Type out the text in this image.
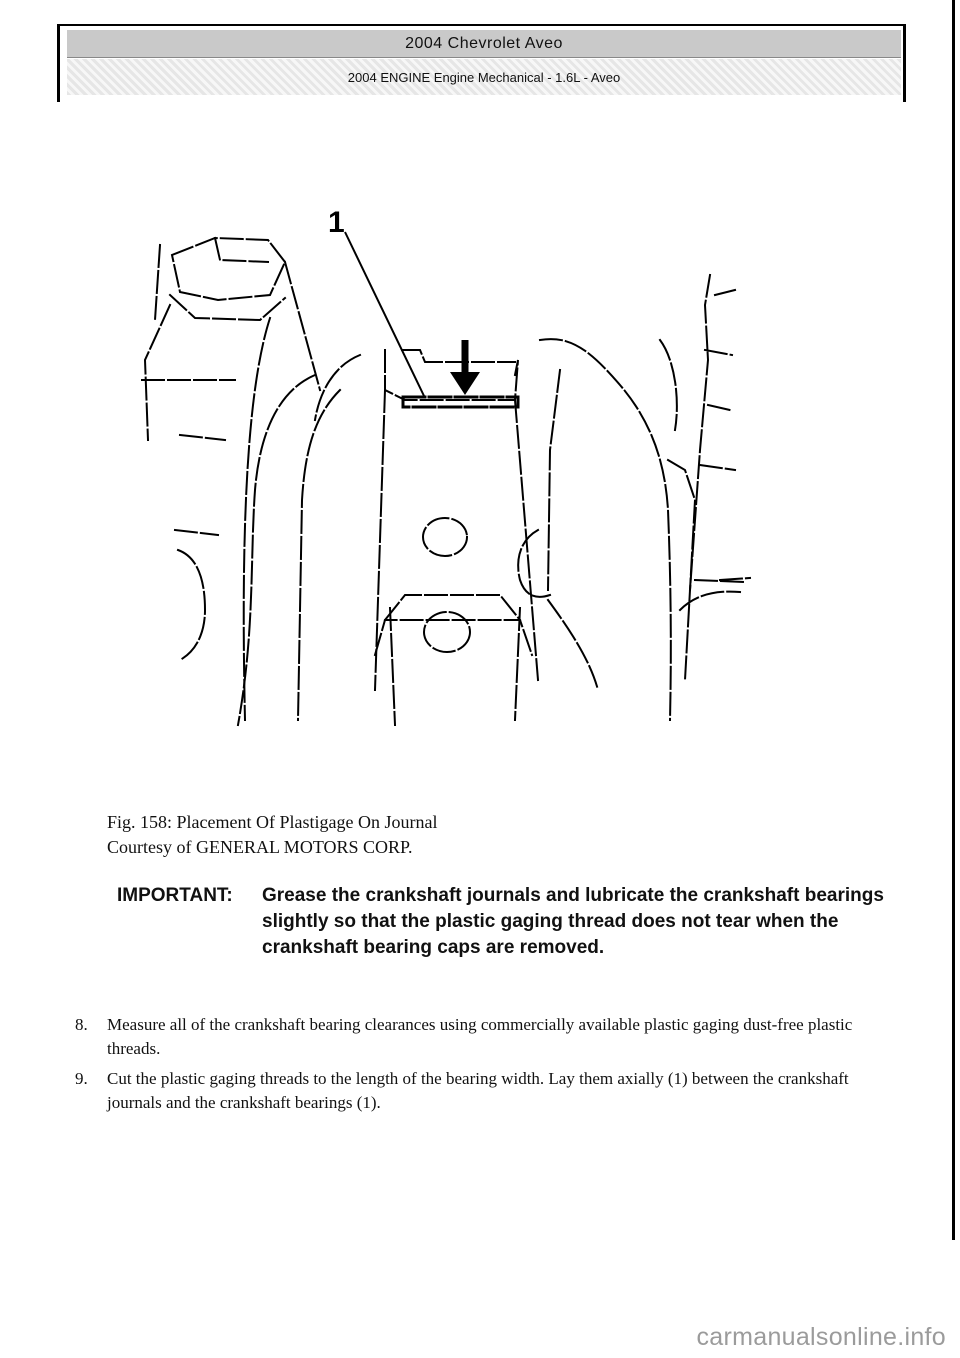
2004 Chevrolet Aveo
2004 ENGINE Engine Mechanical - 1.6L - Aveo
1
Fig. 158: Placement Of Plastigage On Journal
Courtesy of GENERAL MOTORS CORP.
IMPORTANT: Grease the crankshaft journals and lubricate the crankshaft bearings slightly so that the plastic gaging thread does not tear when the crankshaft bearing caps are removed.
8.	Measure all of the crankshaft bearing clearances using commercially available plastic gaging dust-free plastic threads.
9.	Cut the plastic gaging threads to the length of the bearing width. Lay them axially (1) between the crankshaft journals and the crankshaft bearings (1).
carmanualsonline.info
